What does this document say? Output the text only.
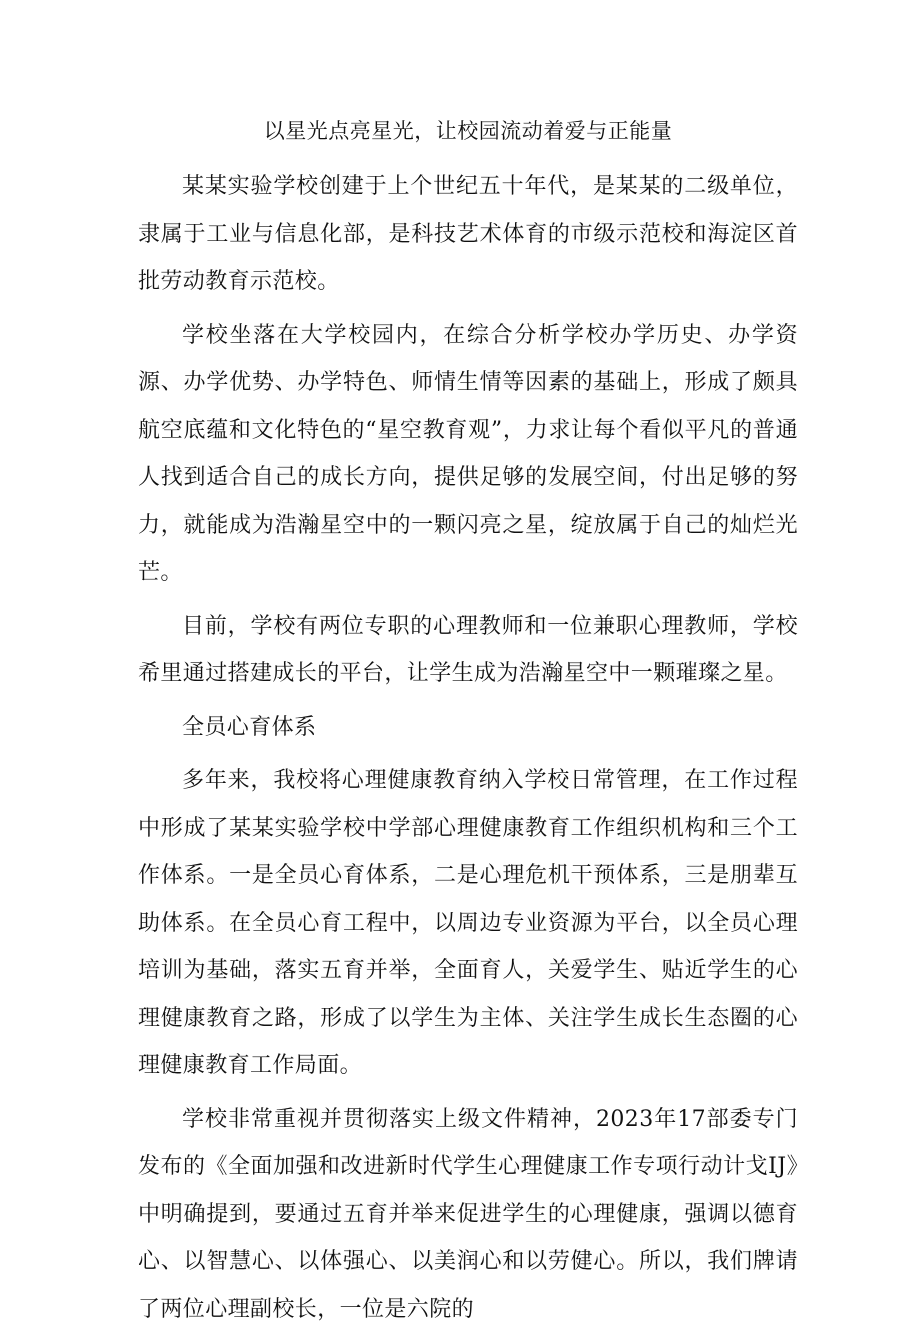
以星光点亮星光，让校园流动着爱与正能量

某某实验学校创建于上个世纪五十年代，是某某的二级单位，隶属于工业与信息化部，是科技艺术体育的市级示范校和海淀区首批劳动教育示范校。

学校坐落在大学校园内，在综合分析学校办学历史、办学资源、办学优势、办学特色、师情生情等因素的基础上，形成了颇具航空底蕴和文化特色的“星空教育观”，力求让每个看似平凡的普通人找到适合自己的成长方向，提供足够的发展空间，付出足够的努力，就能成为浩瀚星空中的一颗闪亮之星，绽放属于自己的灿烂光芒。

目前，学校有两位专职的心理教师和一位兼职心理教师，学校希里通过搭建成长的平台，让学生成为浩瀚星空中一颗璀璨之星。

全员心育体系

多年来，我校将心理健康教育纳入学校日常管理，在工作过程中形成了某某实验学校中学部心理健康教育工作组织机构和三个工作体系。一是全员心育体系，二是心理危机干预体系，三是朋辈互助体系。在全员心育工程中，以周边专业资源为平台，以全员心理培训为基础，落实五育并举，全面育人，关爱学生、贴近学生的心理健康教育之路，形成了以学生为主体、关注学生成长生态圈的心理健康教育工作局面。

学校非常重视并贯彻落实上级文件精神，2023年17部委专门发布的《全面加强和改进新时代学生心理健康工作专项行动计戈IJ》中明确提到，要通过五育并举来促进学生的心理健康，强调以德育心、以智慧心、以体强心、以美润心和以劳健心。所以，我们牌请了两位心理副校长，一位是六院的
